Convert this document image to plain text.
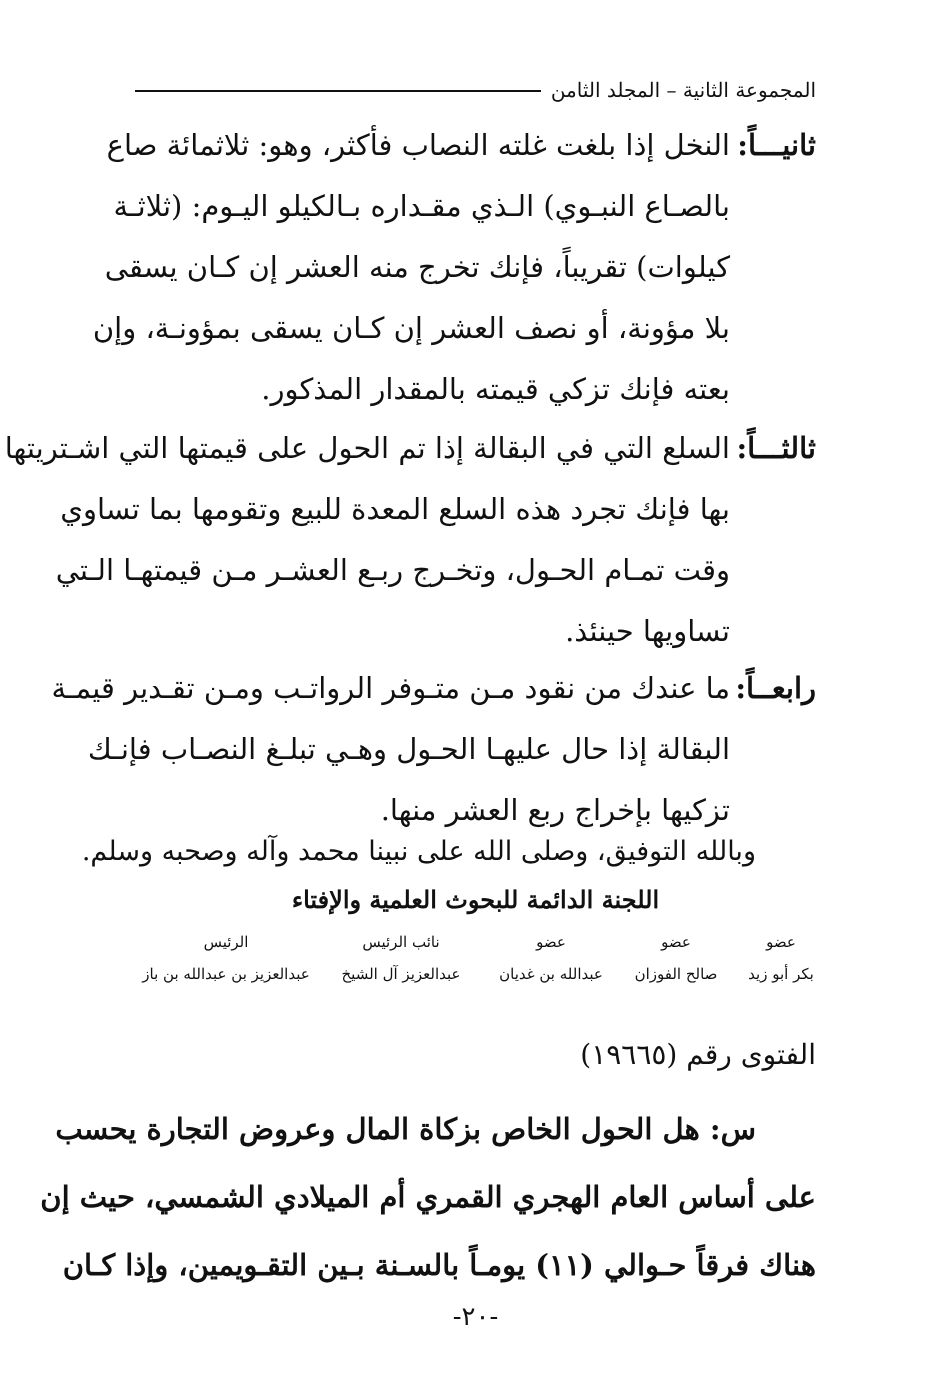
المجموعة الثانية – المجلد الثامن
ثانيـــاً:
النخل إذا بلغت غلته النصاب فأكثر، وهو: ثلاثمائة صاع
بالصـاع النبـوي) الـذي مقـداره بـالكيلو اليـوم: (ثلاثـة
كيلوات) تقريباً، فإنك تخرج منه العشر إن كـان يسقى
بلا مؤونة، أو نصف العشر إن كـان يسقى بمؤونـة، وإن
بعته فإنك تزكي قيمته بالمقدار المذكور.
ثالثـــاً:
السلع التي في البقالة إذا تم الحول على قيمتها التي اشـتريتها
بها فإنك تجرد هذه السلع المعدة للبيع وتقومها بما تساوي
وقت تمـام الحـول، وتخـرج ربـع العشـر مـن قيمتهـا الـتي
تساويها حينئذ.
رابعــاً:
ما عندك من نقود مـن متـوفر الرواتـب ومـن تقـدير قيمـة
البقالة إذا حال عليهـا الحـول وهـي تبلـغ النصـاب فإنـك
تزكيها بإخراج ربع العشر منها.
وبالله التوفيق، وصلى الله على نبينا محمد وآله وصحبه وسلم.
اللجنة الدائمة للبحوث العلمية والإفتاء
عضو
بكر أبو زيد
عضو
صالح الفوزان
عضو
عبدالله بن غديان
نائب الرئيس
عبدالعزيز آل الشيخ
الرئيس
عبدالعزيز بن عبدالله بن باز
الفتوى رقم (١٩٦٦٥)
س: هل الحول الخاص بزكاة المال وعروض التجارة يحسب
على أساس العام الهجري القمري أم الميلادي الشمسي، حيث إن
هناك فرقاً حـوالي (١١) يومـاً بالسـنة بـين التقـويمين، وإذا كـان
-٢٠-
